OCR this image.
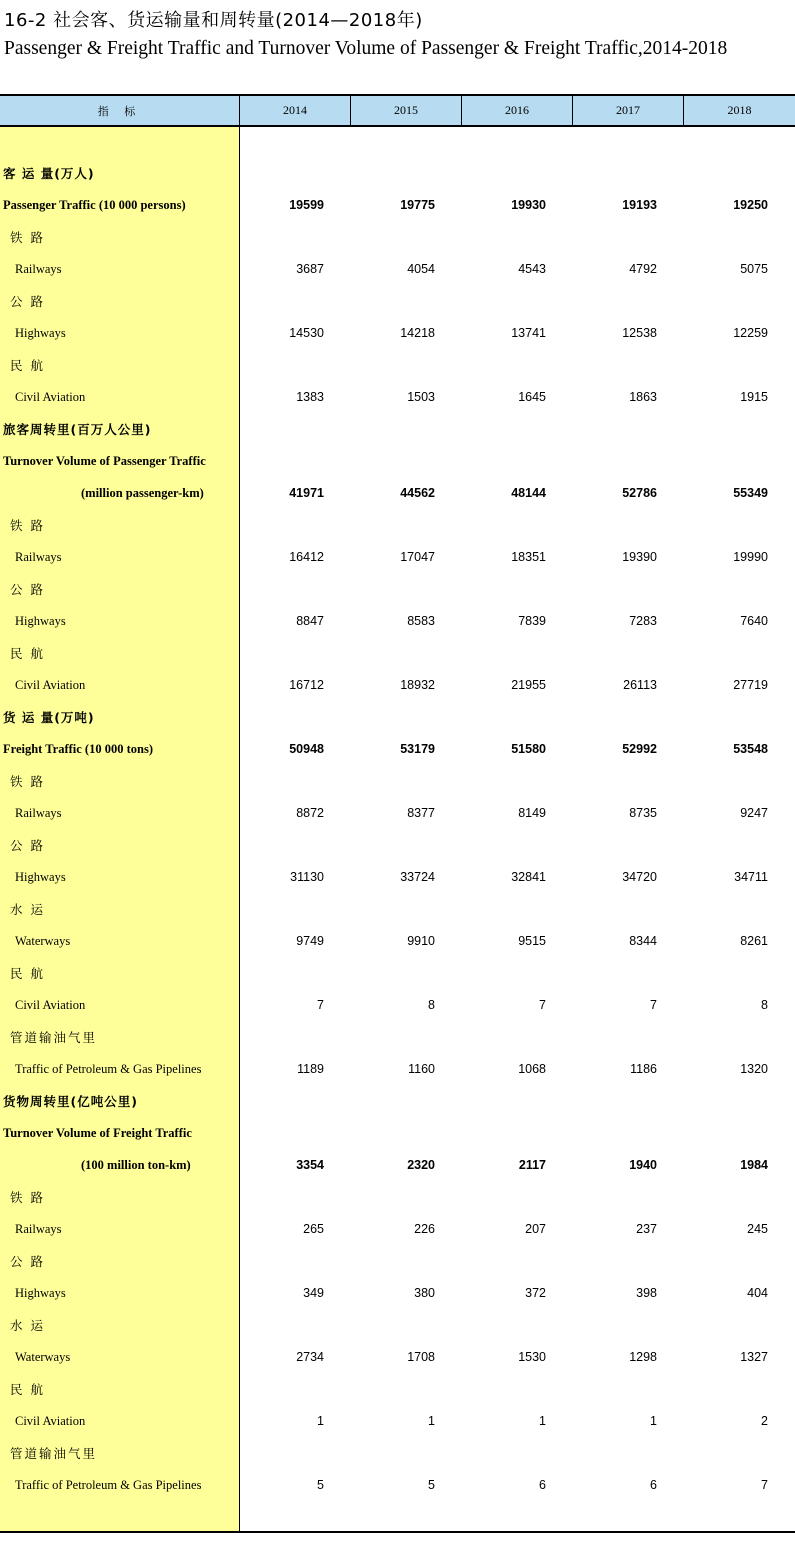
16-2 社会客、货运输量和周转量(2014—2018年)
Passenger & Freight Traffic and Turnover Volume of Passenger & Freight Traffic,2014-2018
指 标	2014	2015	2016	2017	2018
客 运 量(万人)
Passenger Traffic (10 000 persons)	19599	19775	19930	19193	19250
铁 路
Railways	3687	4054	4543	4792	5075
公 路
Highways	14530	14218	13741	12538	12259
民 航
Civil Aviation	1383	1503	1645	1863	1915
旅客周转里(百万人公里)
Turnover Volume of Passenger Traffic
(million passenger-km)	41971	44562	48144	52786	55349
铁 路
Railways	16412	17047	18351	19390	19990
公 路
Highways	8847	8583	7839	7283	7640
民 航
Civil Aviation	16712	18932	21955	26113	27719
货 运 量(万吨)
Freight Traffic (10 000 tons)	50948	53179	51580	52992	53548
铁 路
Railways	8872	8377	8149	8735	9247
公 路
Highways	31130	33724	32841	34720	34711
水 运
Waterways	9749	9910	9515	8344	8261
民 航
Civil Aviation	7	8	7	7	8
管道输油气里
Traffic of Petroleum & Gas Pipelines	1189	1160	1068	1186	1320
货物周转里(亿吨公里)
Turnover Volume of Freight Traffic
(100 million ton-km)	3354	2320	2117	1940	1984
铁 路
Railways	265	226	207	237	245
公 路
Highways	349	380	372	398	404
水 运
Waterways	2734	1708	1530	1298	1327
民 航
Civil Aviation	1	1	1	1	2
管道输油气里
Traffic of Petroleum & Gas Pipelines	5	5	6	6	7
